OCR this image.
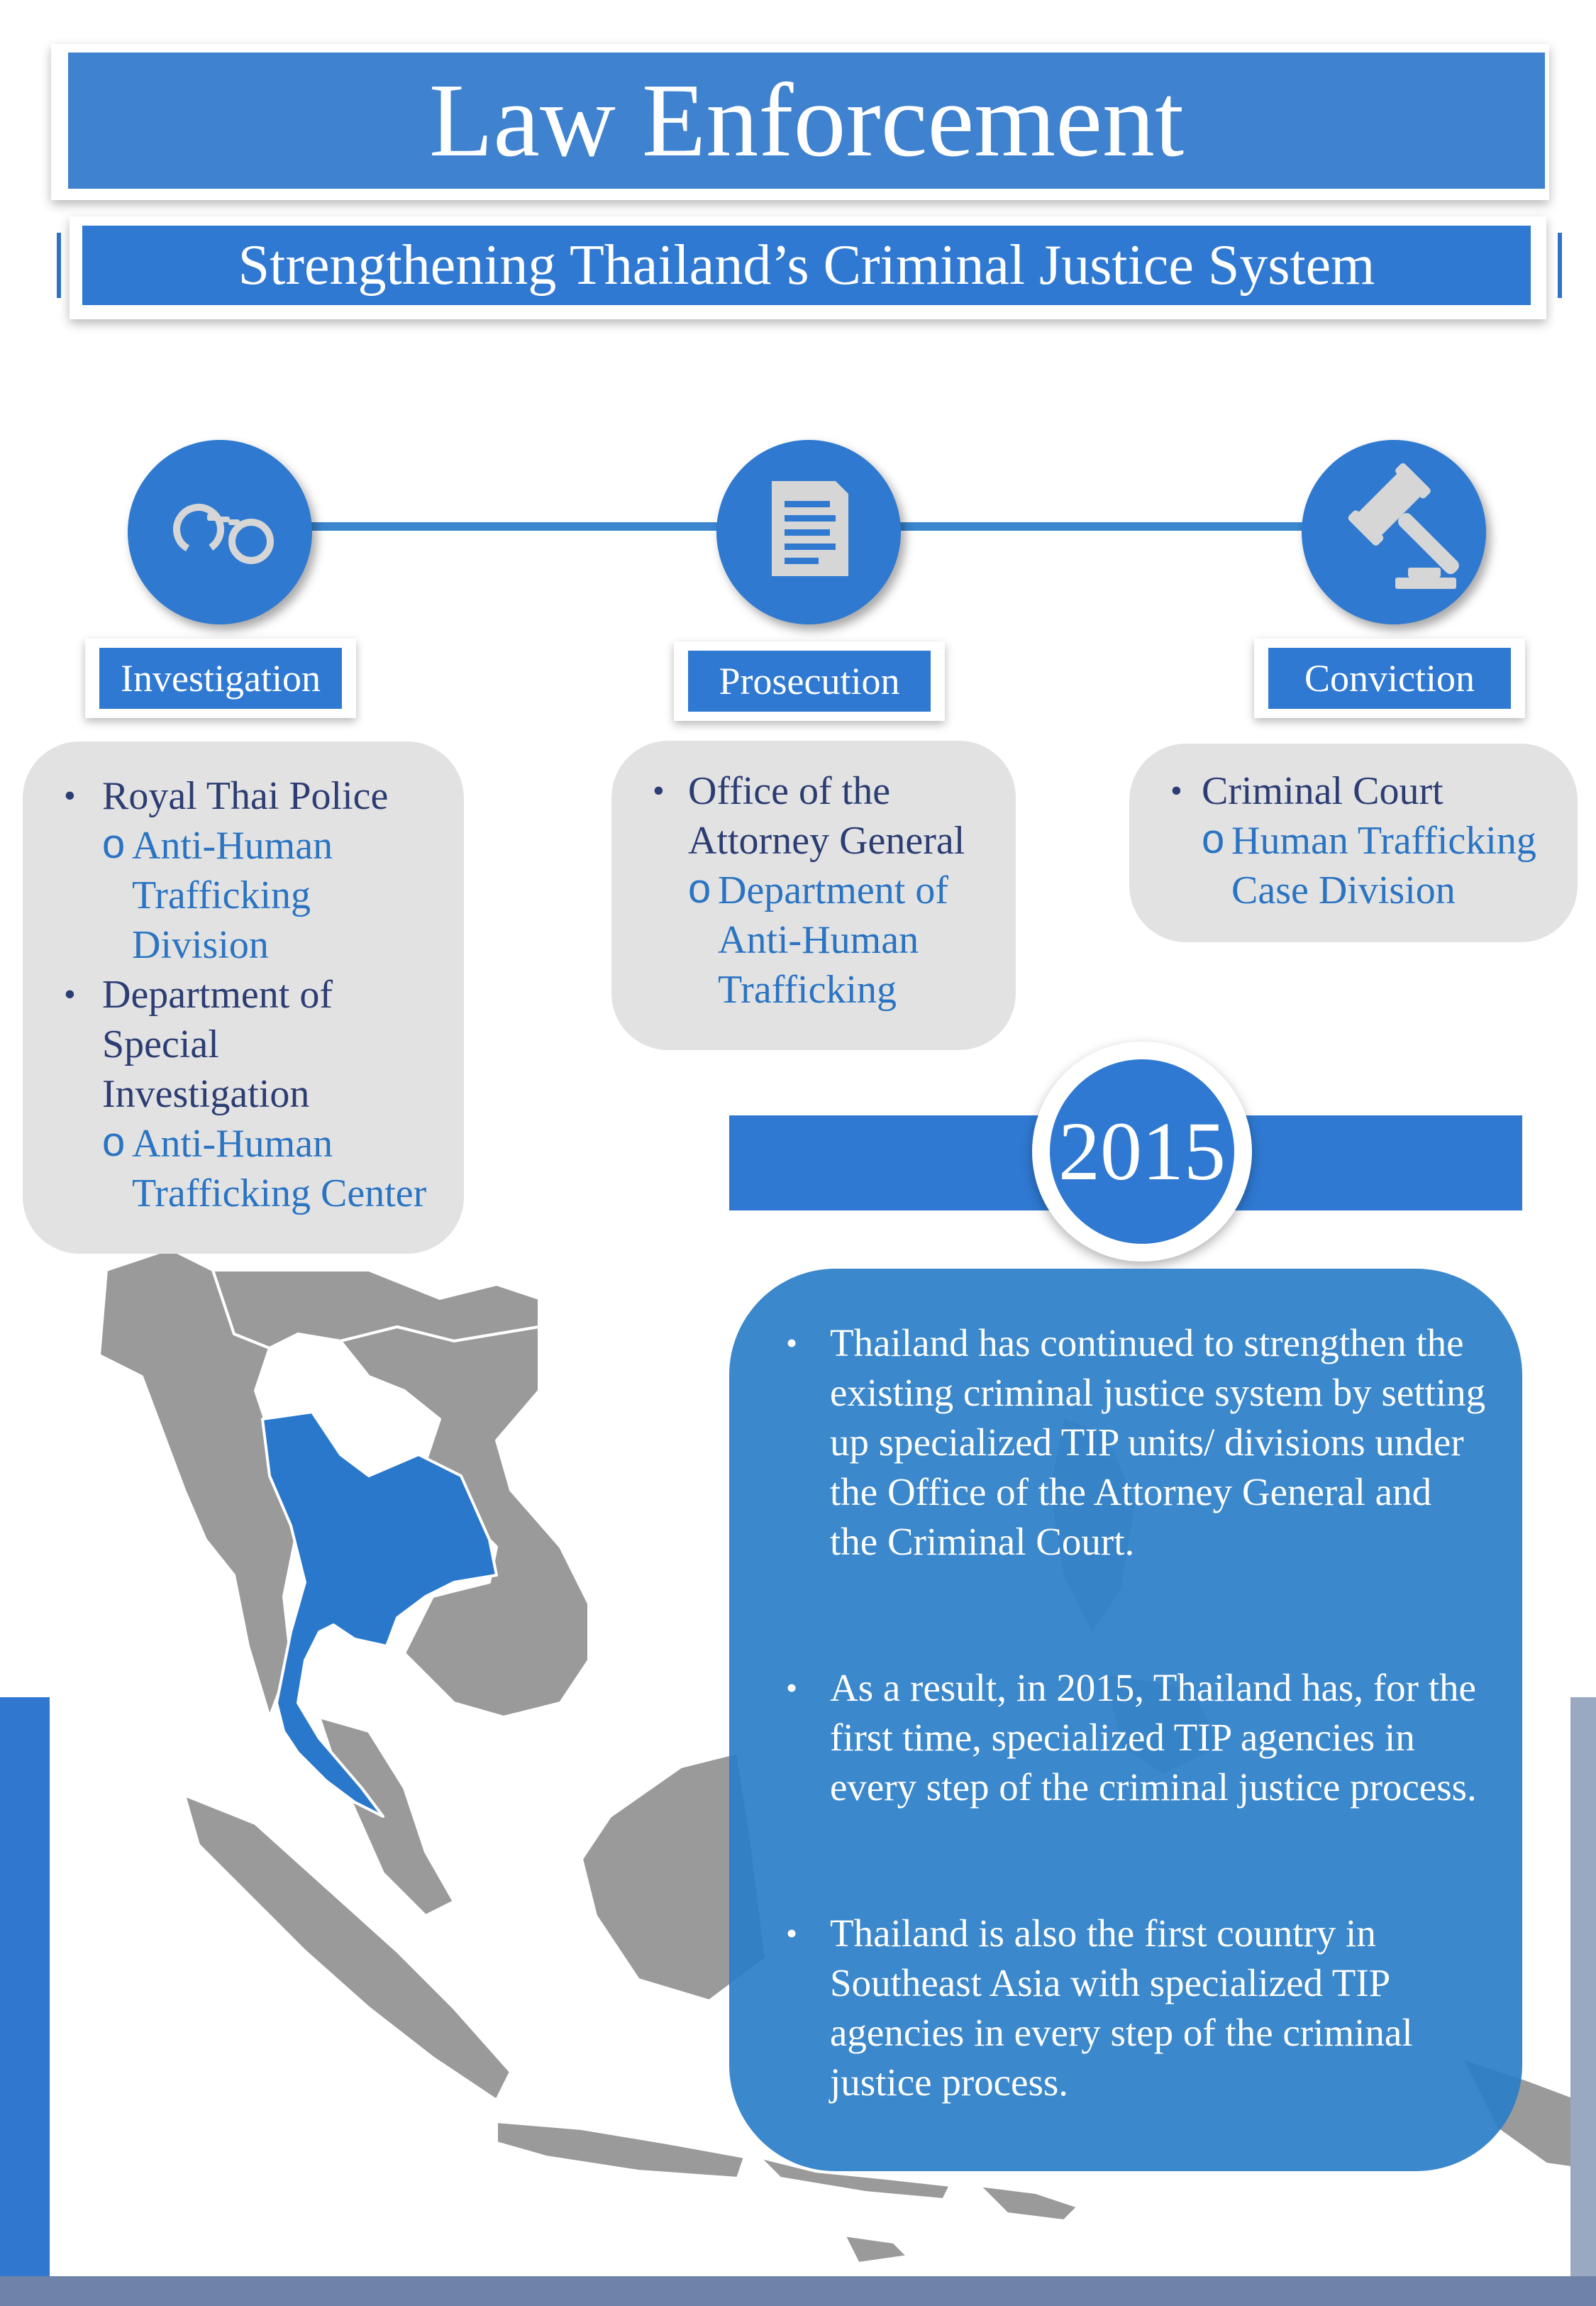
Law Enforcement
Strengthening Thailand’s Criminal Justice System
Investigation	Prosecution	Conviction
• Royal Thai Police
o Anti-Human Trafficking Division
• Department of Special Investigation
o Anti-Human Trafficking Center
• Office of the Attorney General
o Department of Anti-Human Trafficking
• Criminal Court
o Human Trafficking Case Division
2015
• Thailand has continued to strengthen the existing criminal justice system by setting up specialized TIP units/ divisions under the Office of the Attorney General and the Criminal Court.
• As a result, in 2015, Thailand has, for the first time, specialized TIP agencies in every step of the criminal justice process.
• Thailand is also the first country in Southeast Asia with specialized TIP agencies in every step of the criminal justice process.
